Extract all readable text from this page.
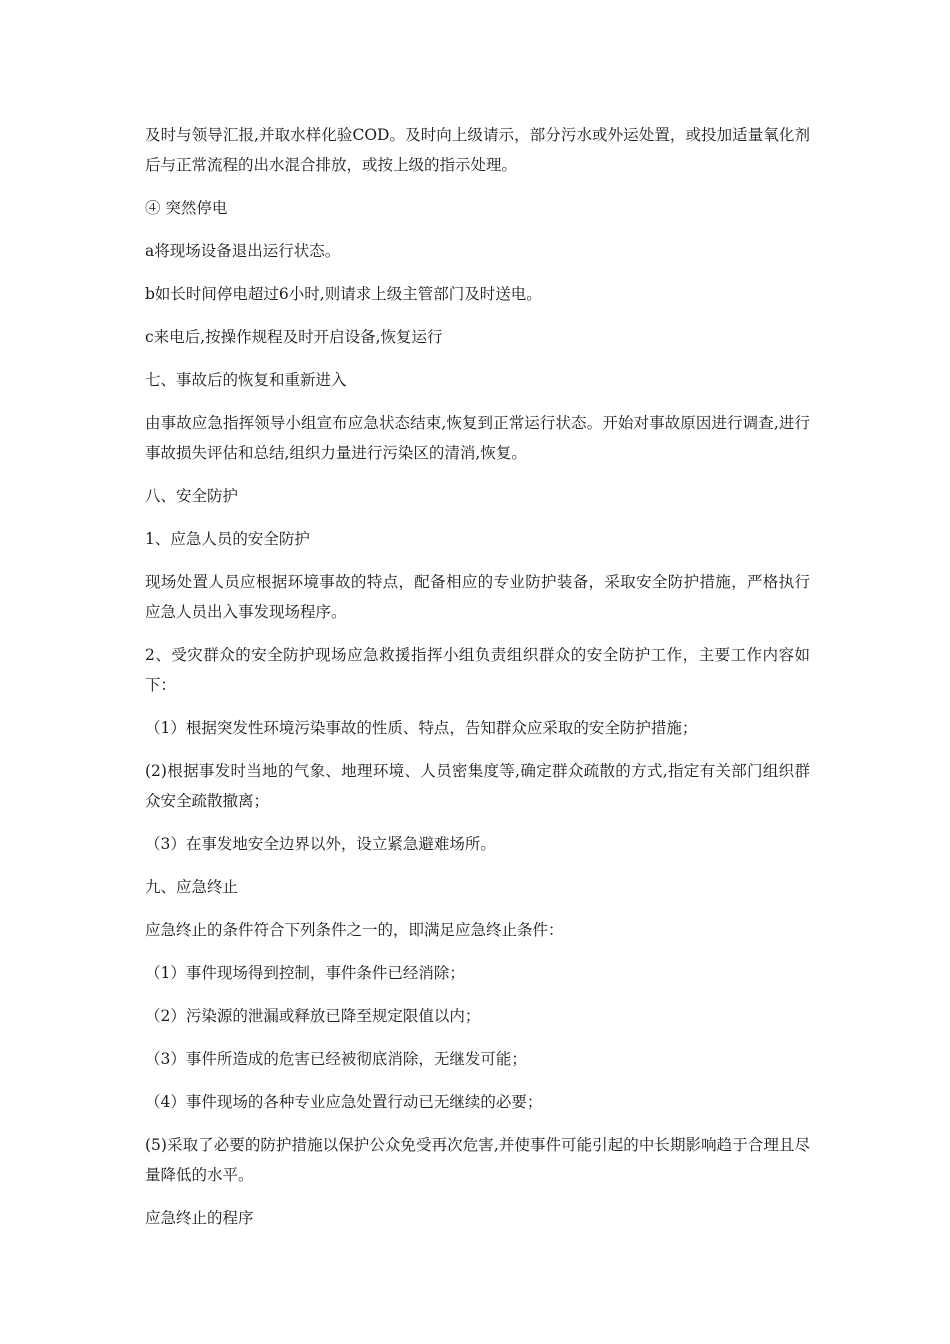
及时与领导汇报,并取水样化验COD。及时向上级请示，部分污水或外运处置，或投加适量氧化剂后与正常流程的出水混合排放，或按上级的指示处理。

④ 突然停电

a将现场设备退出运行状态。

b如长时间停电超过6小时,则请求上级主管部门及时送电。

c来电后,按操作规程及时开启设备,恢复运行

七、事故后的恢复和重新进入

由事故应急指挥领导小组宣布应急状态结束,恢复到正常运行状态。开始对事故原因进行调查,进行事故损失评估和总结,组织力量进行污染区的清消,恢复。

八、安全防护

1、应急人员的安全防护

现场处置人员应根据环境事故的特点，配备相应的专业防护装备，采取安全防护措施，严格执行应急人员出入事发现场程序。

2、受灾群众的安全防护现场应急救援指挥小组负责组织群众的安全防护工作，主要工作内容如下：

（1）根据突发性环境污染事故的性质、特点，告知群众应采取的安全防护措施；

(2)根据事发时当地的气象、地理环境、人员密集度等,确定群众疏散的方式,指定有关部门组织群众安全疏散撤离；

（3）在事发地安全边界以外，设立紧急避难场所。

九、应急终止

应急终止的条件符合下列条件之一的，即满足应急终止条件：

（1）事件现场得到控制，事件条件已经消除；

（2）污染源的泄漏或释放已降至规定限值以内；

（3）事件所造成的危害已经被彻底消除，无继发可能；

（4）事件现场的各种专业应急处置行动已无继续的必要；

(5)采取了必要的防护措施以保护公众免受再次危害,并使事件可能引起的中长期影响趋于合理且尽量降低的水平。

应急终止的程序
